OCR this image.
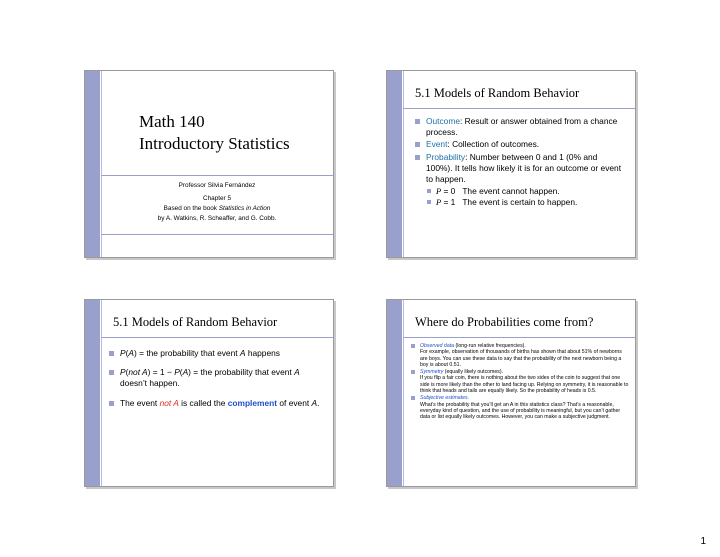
Math 140
Introductory Statistics
Professor Silvia Fernández
Chapter 5
Based on the book Statistics in Action
by A. Watkins, R. Scheaffer, and G. Cobb.
5.1 Models of Random Behavior
Outcome: Result or answer obtained from a chance process.
Event: Collection of outcomes.
Probability: Number between 0 and 1 (0% and 100%). It tells how likely it is for an outcome or event to happen.
P = 0 The event cannot happen.
P = 1 The event is certain to happen.
5.1 Models of Random Behavior
P(A) = the probability that event A happens
P(not A) = 1 − P(A) = the probability that event A doesn’t happen.
The event not A is called the complement of event A.
Where do Probabilities come from?
Observed data (long-run relative frequencies).
For example, observation of thousands of births has shown that about 51% of newborns are boys. You can use these data to say that the probability of the next newborn being a boy is about 0.51.
Symmetry (equally likely outcomes).
If you flip a fair coin, there is nothing about the two sides of the coin to suggest that one side is more likely than the other to land facing up. Relying on symmetry, it is reasonable to think that heads and tails are equally likely. So the probability of heads is 0.5.
Subjective estimates.
What’s the probability that you’ll get an A in this statistics class? That’s a reasonable, everyday kind of question, and the use of probability is meaningful, but you can’t gather data or list equally likely outcomes. However, you can make a subjective judgment.
1
